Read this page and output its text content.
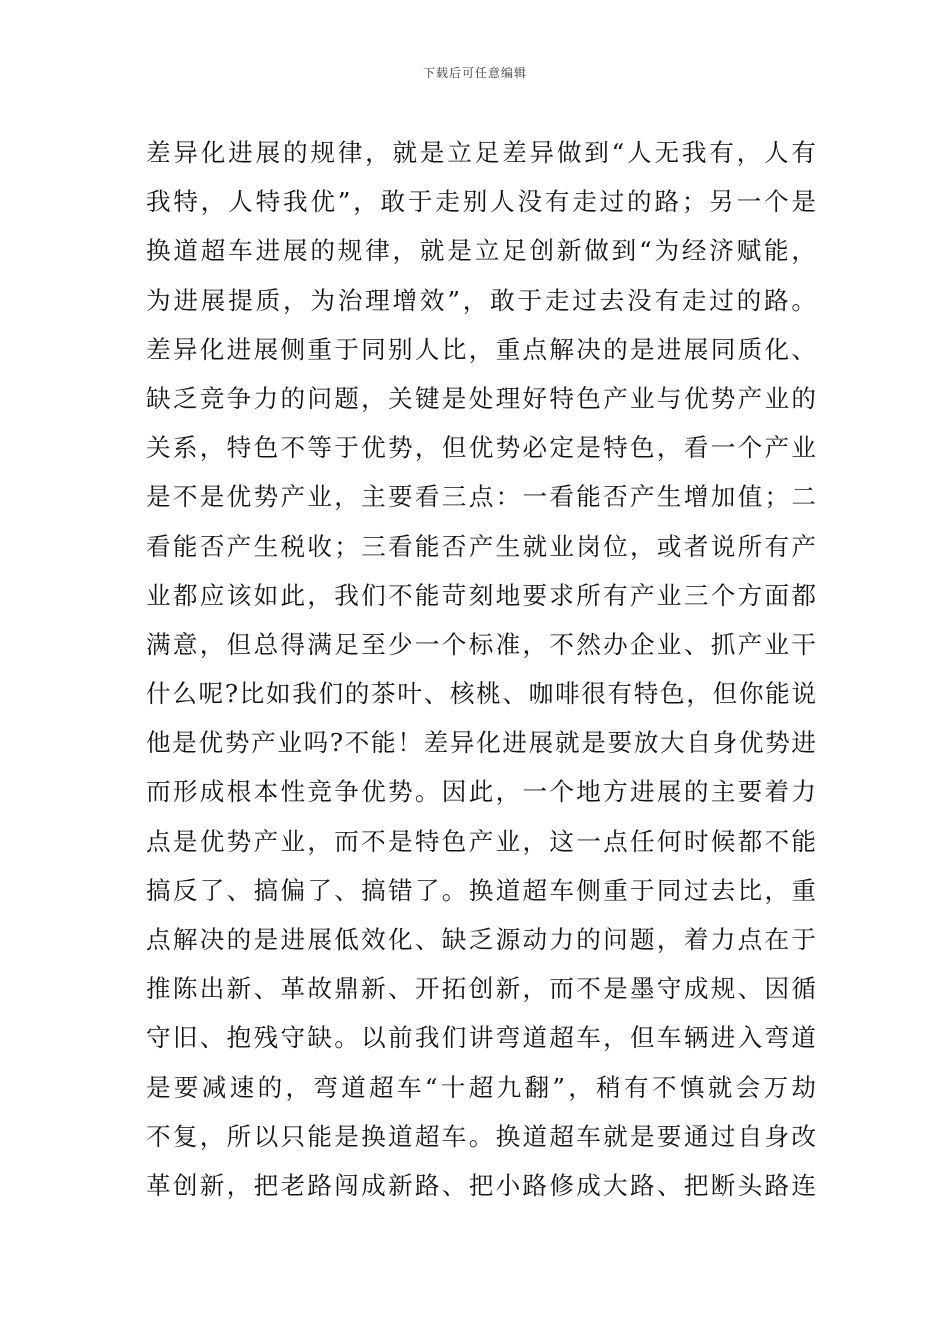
下载后可任意编辑
差异化进展的规律，就是立足差异做到“人无我有，人有
我特，人特我优”，敢于走别人没有走过的路；另一个是
换道超车进展的规律，就是立足创新做到“为经济赋能，
为进展提质，为治理增效”，敢于走过去没有走过的路。
差异化进展侧重于同别人比，重点解决的是进展同质化、
缺乏竞争力的问题，关键是处理好特色产业与优势产业的
关系，特色不等于优势，但优势必定是特色，看一个产业
是不是优势产业，主要看三点：一看能否产生增加值；二
看能否产生税收；三看能否产生就业岗位，或者说所有产
业都应该如此，我们不能苛刻地要求所有产业三个方面都
满意，但总得满足至少一个标准，不然办企业、抓产业干
什么呢?比如我们的茶叶、核桃、咖啡很有特色，但你能说
他是优势产业吗?不能！差异化进展就是要放大自身优势进
而形成根本性竞争优势。因此，一个地方进展的主要着力
点是优势产业，而不是特色产业，这一点任何时候都不能
搞反了、搞偏了、搞错了。换道超车侧重于同过去比，重
点解决的是进展低效化、缺乏源动力的问题，着力点在于
推陈出新、革故鼎新、开拓创新，而不是墨守成规、因循
守旧、抱残守缺。以前我们讲弯道超车，但车辆进入弯道
是要减速的，弯道超车“十超九翻”，稍有不慎就会万劫
不复，所以只能是换道超车。换道超车就是要通过自身改
革创新，把老路闯成新路、把小路修成大路、把断头路连
